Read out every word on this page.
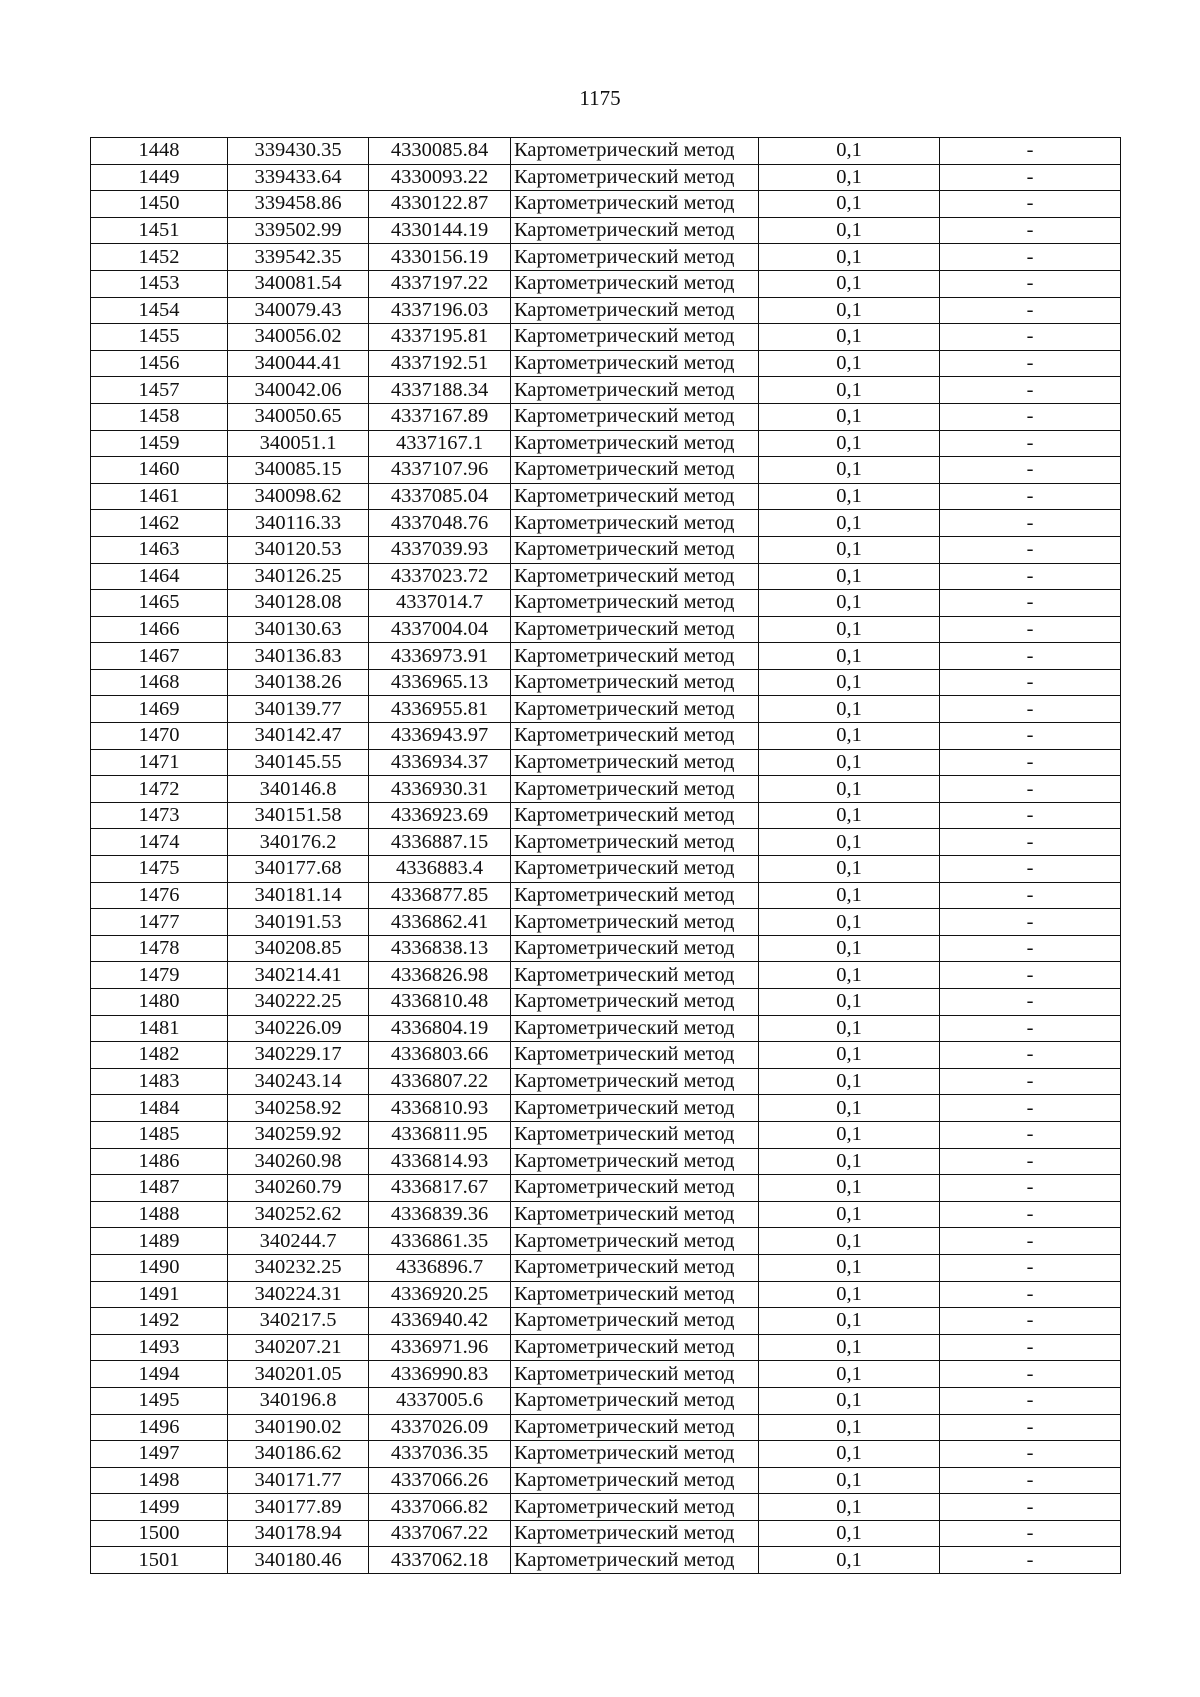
1175
1448	339430.35	4330085.84	Картометрический метод	0,1	-
1449	339433.64	4330093.22	Картометрический метод	0,1	-
1450	339458.86	4330122.87	Картометрический метод	0,1	-
1451	339502.99	4330144.19	Картометрический метод	0,1	-
1452	339542.35	4330156.19	Картометрический метод	0,1	-
1453	340081.54	4337197.22	Картометрический метод	0,1	-
1454	340079.43	4337196.03	Картометрический метод	0,1	-
1455	340056.02	4337195.81	Картометрический метод	0,1	-
1456	340044.41	4337192.51	Картометрический метод	0,1	-
1457	340042.06	4337188.34	Картометрический метод	0,1	-
1458	340050.65	4337167.89	Картометрический метод	0,1	-
1459	340051.1	4337167.1	Картометрический метод	0,1	-
1460	340085.15	4337107.96	Картометрический метод	0,1	-
1461	340098.62	4337085.04	Картометрический метод	0,1	-
1462	340116.33	4337048.76	Картометрический метод	0,1	-
1463	340120.53	4337039.93	Картометрический метод	0,1	-
1464	340126.25	4337023.72	Картометрический метод	0,1	-
1465	340128.08	4337014.7	Картометрический метод	0,1	-
1466	340130.63	4337004.04	Картометрический метод	0,1	-
1467	340136.83	4336973.91	Картометрический метод	0,1	-
1468	340138.26	4336965.13	Картометрический метод	0,1	-
1469	340139.77	4336955.81	Картометрический метод	0,1	-
1470	340142.47	4336943.97	Картометрический метод	0,1	-
1471	340145.55	4336934.37	Картометрический метод	0,1	-
1472	340146.8	4336930.31	Картометрический метод	0,1	-
1473	340151.58	4336923.69	Картометрический метод	0,1	-
1474	340176.2	4336887.15	Картометрический метод	0,1	-
1475	340177.68	4336883.4	Картометрический метод	0,1	-
1476	340181.14	4336877.85	Картометрический метод	0,1	-
1477	340191.53	4336862.41	Картометрический метод	0,1	-
1478	340208.85	4336838.13	Картометрический метод	0,1	-
1479	340214.41	4336826.98	Картометрический метод	0,1	-
1480	340222.25	4336810.48	Картометрический метод	0,1	-
1481	340226.09	4336804.19	Картометрический метод	0,1	-
1482	340229.17	4336803.66	Картометрический метод	0,1	-
1483	340243.14	4336807.22	Картометрический метод	0,1	-
1484	340258.92	4336810.93	Картометрический метод	0,1	-
1485	340259.92	4336811.95	Картометрический метод	0,1	-
1486	340260.98	4336814.93	Картометрический метод	0,1	-
1487	340260.79	4336817.67	Картометрический метод	0,1	-
1488	340252.62	4336839.36	Картометрический метод	0,1	-
1489	340244.7	4336861.35	Картометрический метод	0,1	-
1490	340232.25	4336896.7	Картометрический метод	0,1	-
1491	340224.31	4336920.25	Картометрический метод	0,1	-
1492	340217.5	4336940.42	Картометрический метод	0,1	-
1493	340207.21	4336971.96	Картометрический метод	0,1	-
1494	340201.05	4336990.83	Картометрический метод	0,1	-
1495	340196.8	4337005.6	Картометрический метод	0,1	-
1496	340190.02	4337026.09	Картометрический метод	0,1	-
1497	340186.62	4337036.35	Картометрический метод	0,1	-
1498	340171.77	4337066.26	Картометрический метод	0,1	-
1499	340177.89	4337066.82	Картометрический метод	0,1	-
1500	340178.94	4337067.22	Картометрический метод	0,1	-
1501	340180.46	4337062.18	Картометрический метод	0,1	-
